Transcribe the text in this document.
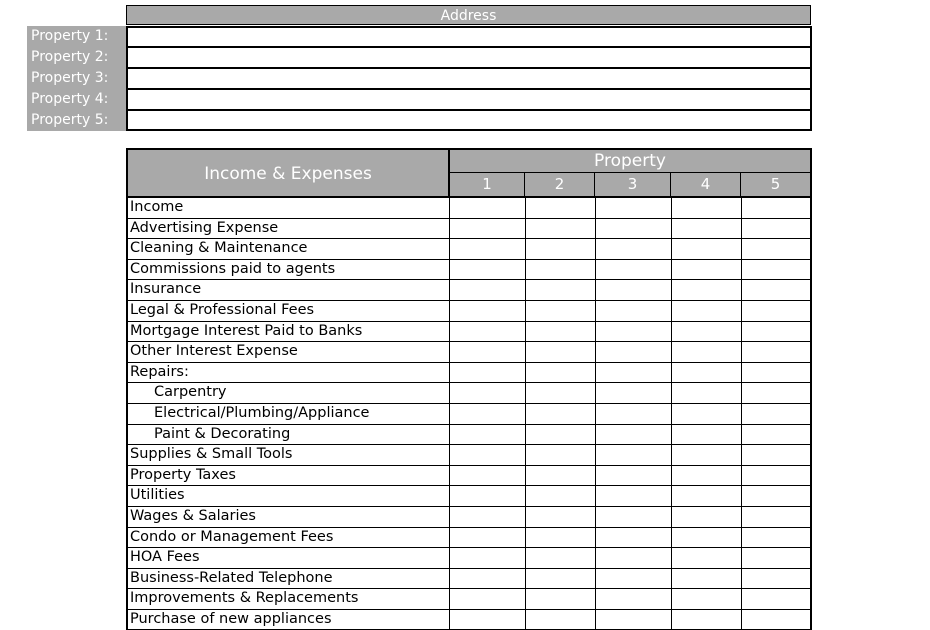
Address
Property 1:
Property 2:
Property 3:
Property 4:
Property 5:
Income & Expenses
Property
1	2	3	4	5
Income
Advertising Expense
Cleaning & Maintenance
Commissions paid to agents
Insurance
Legal & Professional Fees
Mortgage Interest Paid to Banks
Other Interest Expense
Repairs:
Carpentry
Electrical/Plumbing/Appliance
Paint & Decorating
Supplies & Small Tools
Property Taxes
Utilities
Wages & Salaries
Condo or Management Fees
HOA Fees
Business-Related Telephone
Improvements & Replacements
Purchase of new appliances
